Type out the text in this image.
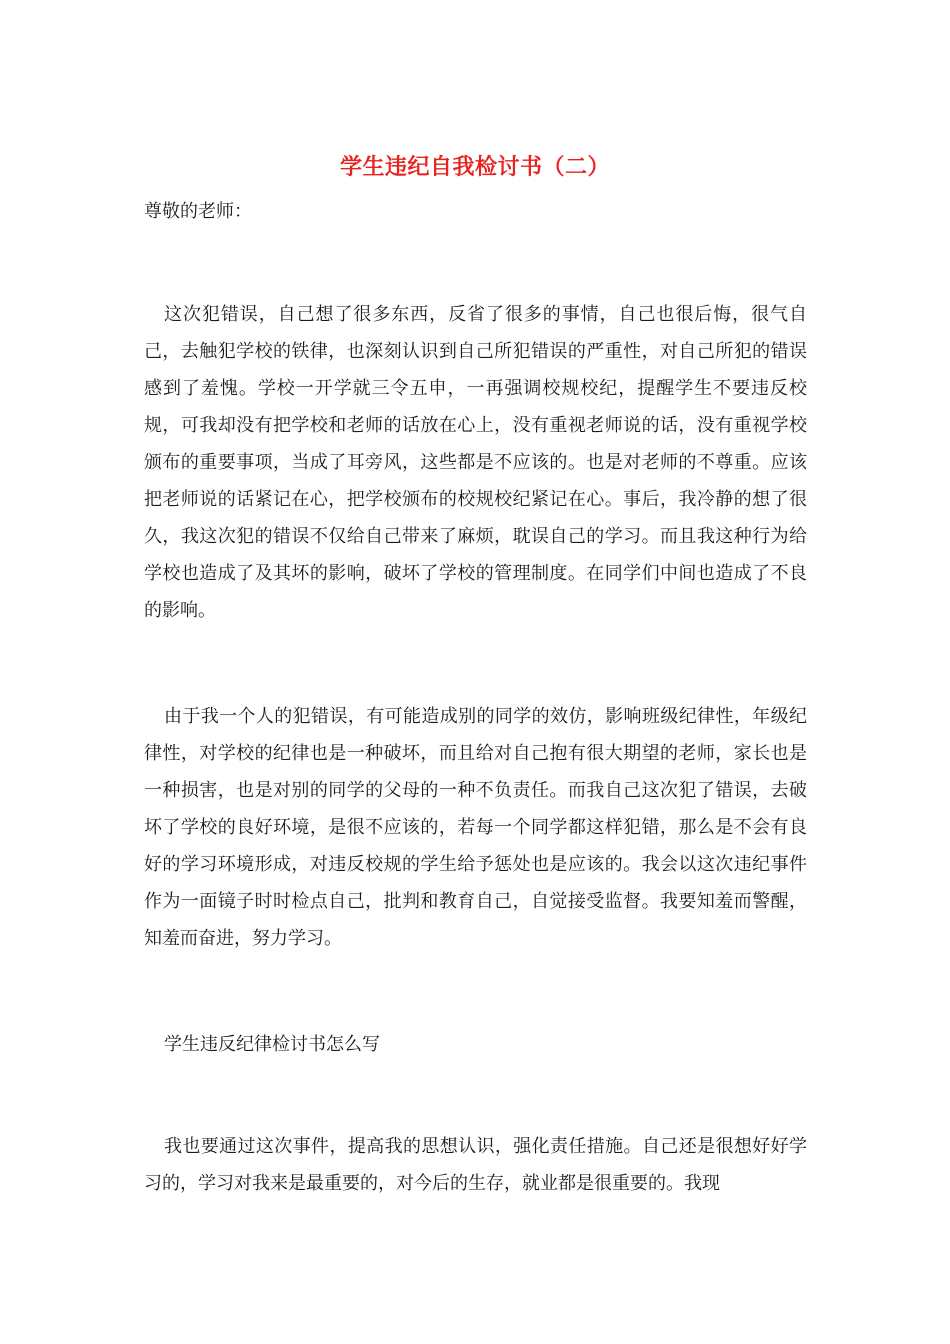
学生违纪自我检讨书（二）
尊敬的老师：

这次犯错误，自己想了很多东西，反省了很多的事情，自己也很后悔，很气自己，去触犯学校的铁律，也深刻认识到自己所犯错误的严重性，对自己所犯的错误感到了羞愧。学校一开学就三令五申，一再强调校规校纪，提醒学生不要违反校规，可我却没有把学校和老师的话放在心上，没有重视老师说的话，没有重视学校颁布的重要事项，当成了耳旁风，这些都是不应该的。也是对老师的不尊重。应该把老师说的话紧记在心，把学校颁布的校规校纪紧记在心。事后，我冷静的想了很久，我这次犯的错误不仅给自己带来了麻烦，耽误自己的学习。而且我这种行为给学校也造成了及其坏的影响，破坏了学校的管理制度。在同学们中间也造成了不良的影响。

由于我一个人的犯错误，有可能造成别的同学的效仿，影响班级纪律性，年级纪律性，对学校的纪律也是一种破坏，而且给对自己抱有很大期望的老师，家长也是一种损害，也是对别的同学的父母的一种不负责任。而我自己这次犯了错误，去破坏了学校的良好环境，是很不应该的，若每一个同学都这样犯错，那么是不会有良好的学习环境形成，对违反校规的学生给予惩处也是应该的。我会以这次违纪事件作为一面镜子时时检点自己，批判和教育自己，自觉接受监督。我要知羞而警醒，知羞而奋进，努力学习。

学生违反纪律检讨书怎么写

我也要通过这次事件，提高我的思想认识，强化责任措施。自己还是很想好好学习的，学习对我来是最重要的，对今后的生存，就业都是很重要的。我现
